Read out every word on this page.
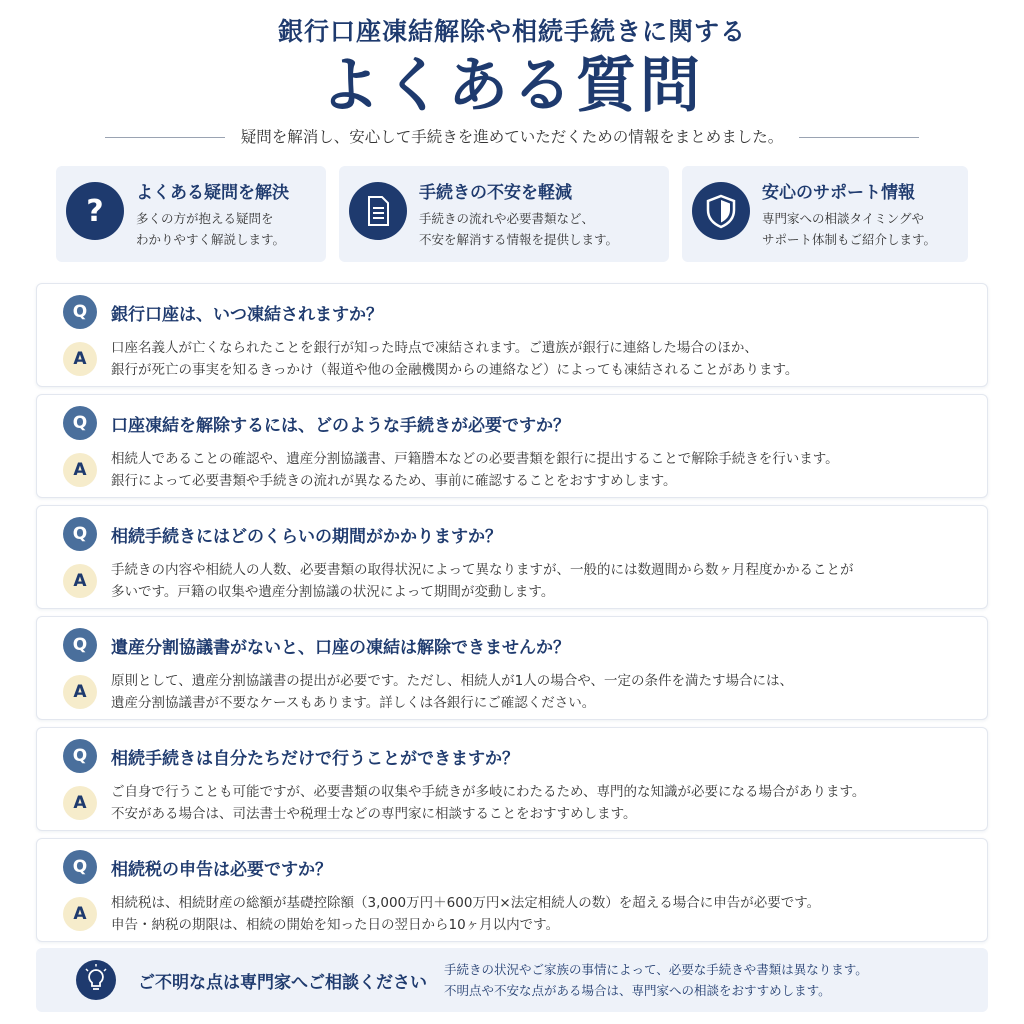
銀行口座凍結解除や相続手続きに関する
よくある質問
疑問を解消し、安心して手続きを進めていただくための情報をまとめました。
?
よくある疑問を解決
多くの方が抱える疑問を
わかりやすく解説します。
手続きの不安を軽減
手続きの流れや必要書類など、
不安を解消する情報を提供します。
安心のサポート情報
専門家への相談タイミングや
サポート体制もご紹介します。
Q	銀行口座は、いつ凍結されますか？
A
口座名義人が亡くなられたことを銀行が知った時点で凍結されます。ご遺族が銀行に連絡した場合のほか、
銀行が死亡の事実を知るきっかけ（報道や他の金融機関からの連絡など）によっても凍結されることがあります。
Q	口座凍結を解除するには、どのような手続きが必要ですか？
A
相続人であることの確認や、遺産分割協議書、戸籍謄本などの必要書類を銀行に提出することで解除手続きを行います。
銀行によって必要書類や手続きの流れが異なるため、事前に確認することをおすすめします。
Q	相続手続きにはどのくらいの期間がかかりますか？
A
手続きの内容や相続人の人数、必要書類の取得状況によって異なりますが、一般的には数週間から数ヶ月程度かかることが
多いです。戸籍の収集や遺産分割協議の状況によって期間が変動します。
Q	遺産分割協議書がないと、口座の凍結は解除できませんか？
A
原則として、遺産分割協議書の提出が必要です。ただし、相続人が1人の場合や、一定の条件を満たす場合には、
遺産分割協議書が不要なケースもあります。詳しくは各銀行にご確認ください。
Q	相続手続きは自分たちだけで行うことができますか？
A
ご自身で行うことも可能ですが、必要書類の収集や手続きが多岐にわたるため、専門的な知識が必要になる場合があります。
不安がある場合は、司法書士や税理士などの専門家に相談することをおすすめします。
Q	相続税の申告は必要ですか？
A
相続税は、相続財産の総額が基礎控除額（3,000万円＋600万円×法定相続人の数）を超える場合に申告が必要です。
申告・納税の期限は、相続の開始を知った日の翌日から10ヶ月以内です。
ご不明な点は専門家へご相談ください
手続きの状況やご家族の事情によって、必要な手続きや書類は異なります。
不明点や不安な点がある場合は、専門家への相談をおすすめします。
